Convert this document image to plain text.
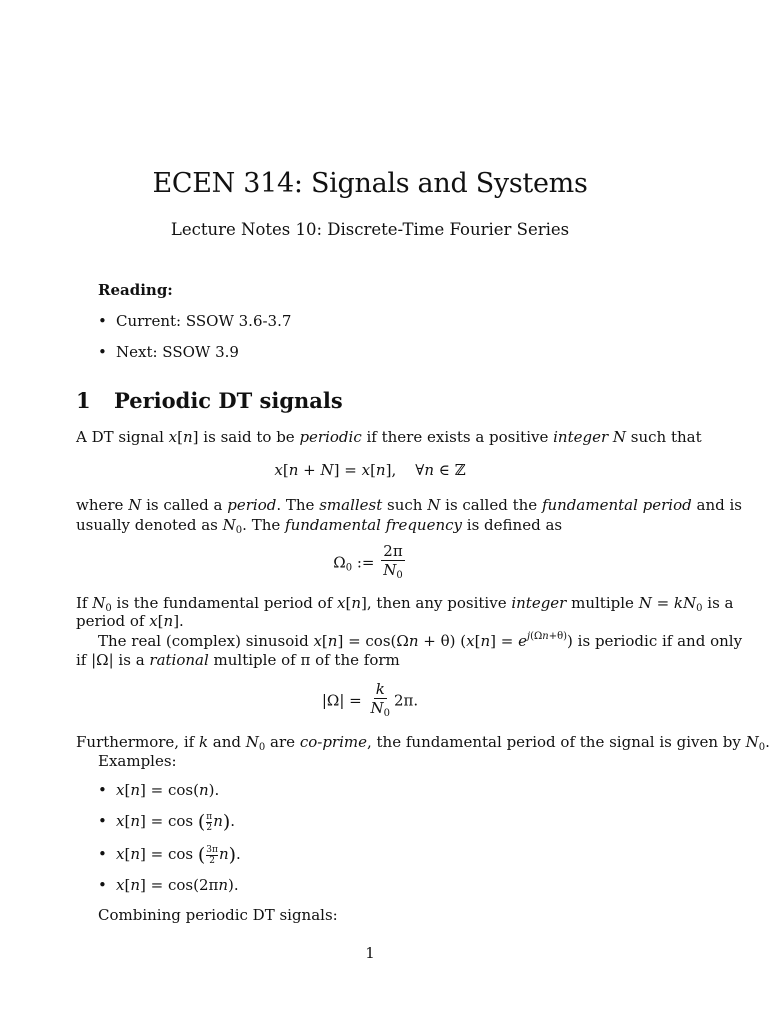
ECEN 314: Signals and Systems
Lecture Notes 10: Discrete-Time Fourier Series
Reading:
• Current: SSOW 3.6-3.7
• Next: SSOW 3.9
1 Periodic DT signals
A DT signal x[n] is said to be periodic if there exists a positive integer N such that
x[n + N] = x[n],    ∀n ∈ ℤ
where N is called a period. The smallest such N is called the fundamental period and is
usually denoted as $N_0$. The fundamental frequency is defined as
$\Omega_0$ := $\frac{2\pi}{N_0}$
If $N_0$ is the fundamental period of x[n], then any positive integer multiple $N = kN_0$ is a
period of x[n].
The real (complex) sinusoid x[n] = cos(Ωn + θ) $(x[n] = e^{j(\Omega n+\theta)})$ is periodic if and only
if |Ω| is a rational multiple of π of the form
$|\Omega| = \frac{k}{N_0} 2\pi$.
Furthermore, if k and $N_0$ are co-prime, the fundamental period of the signal is given by $N_0$.
Examples:
• x[n] = cos(n).
• x[n] = cos ( $\frac{\pi}{2} n$).
• x[n] = cos ( $\frac{3\pi}{2} n$).
• x[n] = cos(2πn).
Combining periodic DT signals:
1
